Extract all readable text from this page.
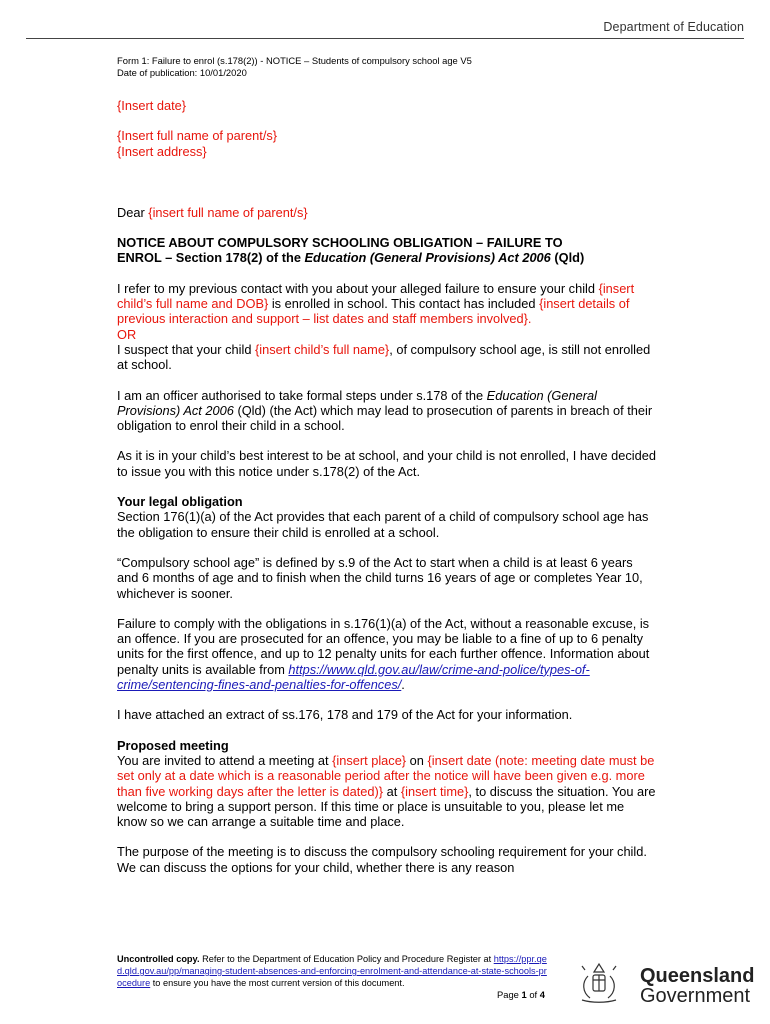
Department of Education
Form 1: Failure to enrol (s.178(2)) - NOTICE – Students of compulsory school age V5
Date of publication: 10/01/2020

{Insert date}

{Insert full name of parent/s}

{Insert address}

Dear {insert full name of parent/s}

NOTICE ABOUT COMPULSORY SCHOOLING OBLIGATION – FAILURE TO
ENROL – Section 178(2) of the Education (General Provisions) Act 2006 (Qld)

I refer to my previous contact with you about your alleged failure to ensure your child {insert child’s full name and DOB} is enrolled in school. This contact has included {insert details of previous interaction and support – list dates and staff members involved}.

OR

I suspect that your child {insert child’s full name}, of compulsory school age, is still not enrolled at school.

I am an officer authorised to take formal steps under s.178 of the Education (General Provisions) Act 2006 (Qld) (the Act) which may lead to prosecution of parents in breach of their obligation to enrol their child in a school.

As it is in your child’s best interest to be at school, and your child is not enrolled, I have decided to issue you with this notice under s.178(2) of the Act.

Your legal obligation

Section 176(1)(a) of the Act provides that each parent of a child of compulsory school age has the obligation to ensure their child is enrolled at a school.

“Compulsory school age” is defined by s.9 of the Act to start when a child is at least 6 years and 6 months of age and to finish when the child turns 16 years of age or completes Year 10, whichever is sooner.

Failure to comply with the obligations in s.176(1)(a) of the Act, without a reasonable excuse, is an offence. If you are prosecuted for an offence, you may be liable to a fine of up to 6 penalty units for the first offence, and up to 12 penalty units for each further offence. Information about penalty units is available from https://www.qld.gov.au/law/crime-and-police/types-of-crime/sentencing-fines-and-penalties-for-offences/.

I have attached an extract of ss.176, 178 and 179 of the Act for your information.

Proposed meeting

You are invited to attend a meeting at {insert place} on {insert date (note: meeting date must be set only at a date which is a reasonable period after the notice will have been given e.g. more than five working days after the letter is dated)} at {insert time}, to discuss the situation. You are welcome to bring a support person. If this time or place is unsuitable to you, please let me know so we can arrange a suitable time and place.

The purpose of the meeting is to discuss the compulsory schooling requirement for your child. We can discuss the options for your child, whether there is any reason

Uncontrolled copy. Refer to the Department of Education Policy and Procedure Register at https://ppr.qed.qld.gov.au/pp/managing-student-absences-and-enforcing-enrolment-and-attendance-at-state-schools-procedure to ensure you have the most current version of this document.
Page 1 of 4
Queensland
Government
